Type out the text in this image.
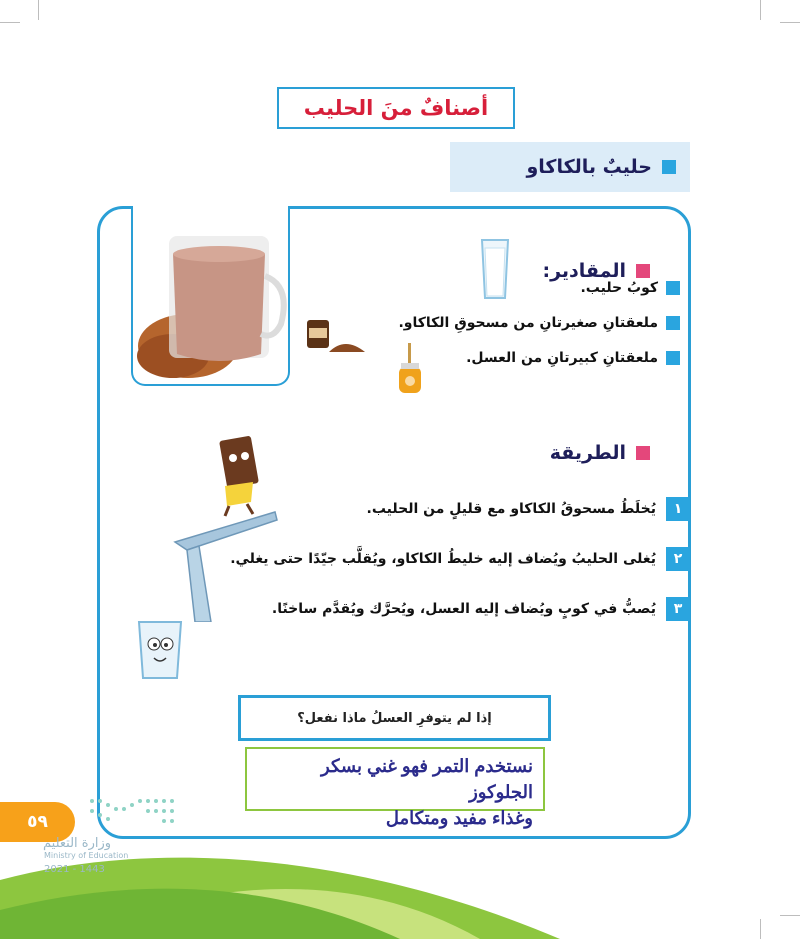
أصنافٌ منَ الحليب
حليبٌ بالكاكاو
المقادير:
كوبُ حليب.
ملعقتانِ صغيرتانِ من مسحوقِ الكاكاو.
ملعقتانِ كبيرتانِ من العسل.
الطريقة
١
يُخلَطُ مسحوقُ الكاكاو مع قليلٍ من الحليب.
٢
يُغلى الحليبُ ويُضاف إليه خليطُ الكاكاو، ويُقلَّب جيّدًا حتى يغلي.
٣
يُصبُّ في كوبٍ ويُضاف إليه العسل، ويُحرَّك ويُقدَّم ساخنًا.
إذا لم يتوفرِ العسلُ ماذا نفعل؟
نستخدم التمر فهو غني بسكر الجلوكوز
وغذاء مفيد ومتكامل
٥٩
وزارة التعليم
Ministry of Education
2021 - 1443
